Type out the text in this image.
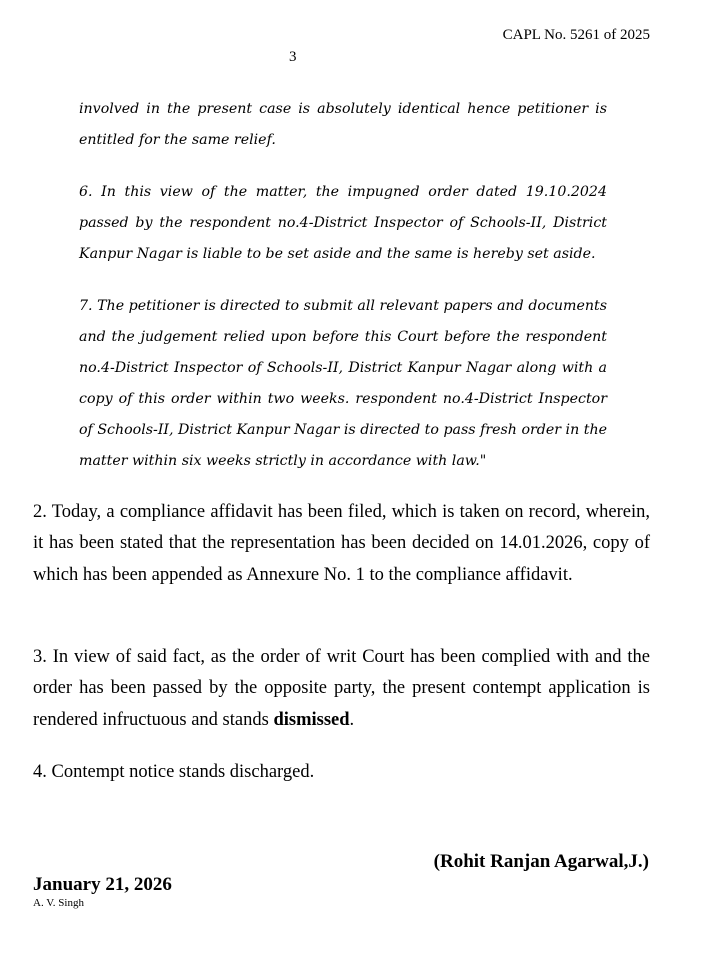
CAPL No. 5261 of 2025
3
involved in the present case is absolutely identical hence petitioner is entitled for the same relief.
6. In this view of the matter, the impugned order dated 19.10.2024 passed by the respondent no.4-District Inspector of Schools-II, District Kanpur Nagar is liable to be set aside and the same is hereby set aside.
7. The petitioner is directed to submit all relevant papers and documents and the judgement relied upon before this Court before the respondent no.4-District Inspector of Schools-II, District Kanpur Nagar along with a copy of this order within two weeks. respondent no.4-District Inspector of Schools-II, District Kanpur Nagar is directed to pass fresh order in the matter within six weeks strictly in accordance with law."
2. Today, a compliance affidavit has been filed, which is taken on record, wherein, it has been stated that the representation has been decided on 14.01.2026, copy of which has been appended as Annexure No. 1 to the compliance affidavit.
3. In view of said fact, as the order of writ Court has been complied with and the order has been passed by the opposite party, the present contempt application is rendered infructuous and stands dismissed.
4. Contempt notice stands discharged.
(Rohit Ranjan Agarwal,J.)
January 21, 2026
A. V. Singh
